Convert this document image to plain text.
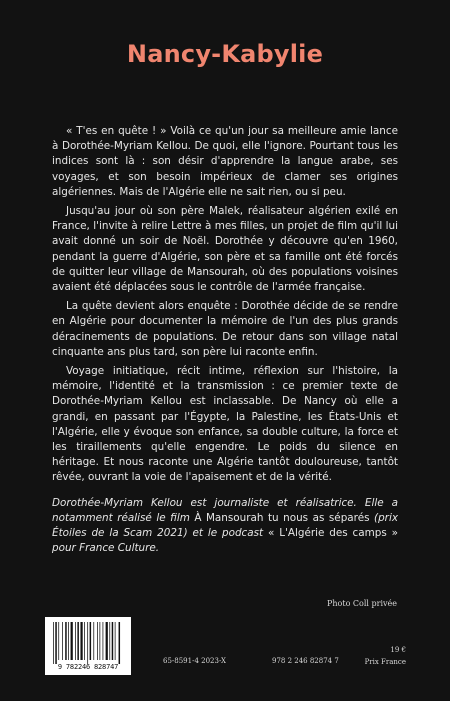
Nancy-Kabylie

« T'es en quête ! » Voilà ce qu'un jour sa meilleure amie lance à Dorothée-Myriam Kellou. De quoi, elle l'ignore. Pourtant tous les indices sont là : son désir d'apprendre la langue arabe, ses voyages, et son besoin impérieux de clamer ses origines algériennes. Mais de l'Algérie elle ne sait rien, ou si peu.

Jusqu'au jour où son père Malek, réalisateur algérien exilé en France, l'invite à relire Lettre à mes filles, un projet de film qu'il lui avait donné un soir de Noël. Dorothée y découvre qu'en 1960, pendant la guerre d'Algérie, son père et sa famille ont été forcés de quitter leur village de Mansourah, où des populations voisines avaient été déplacées sous le contrôle de l'armée française.

La quête devient alors enquête : Dorothée décide de se rendre en Algérie pour documenter la mémoire de l'un des plus grands déracinements de populations. De retour dans son village natal cinquante ans plus tard, son père lui raconte enfin.

Voyage initiatique, récit intime, réflexion sur l'histoire, la mémoire, l'identité et la transmission : ce premier texte de Dorothée-Myriam Kellou est inclassable. De Nancy où elle a grandi, en passant par l'Égypte, la Palestine, les États-Unis et l'Algérie, elle y évoque son enfance, sa double culture, la force et les tiraillements qu'elle engendre. Le poids du silence en héritage. Et nous raconte une Algérie tantôt douloureuse, tantôt rêvée, ouvrant la voie de l'apaisement et de la vérité.

Dorothée-Myriam Kellou est journaliste et réalisatrice. Elle a notamment réalisé le film À Mansourah tu nous as séparés (prix Étoiles de la Scam 2021) et le podcast « L'Algérie des camps » pour France Culture.

Photo Coll privée
9 782246 828747
65-8591-4 2023-X	978 2 246 82874 7
19 €
Prix France
